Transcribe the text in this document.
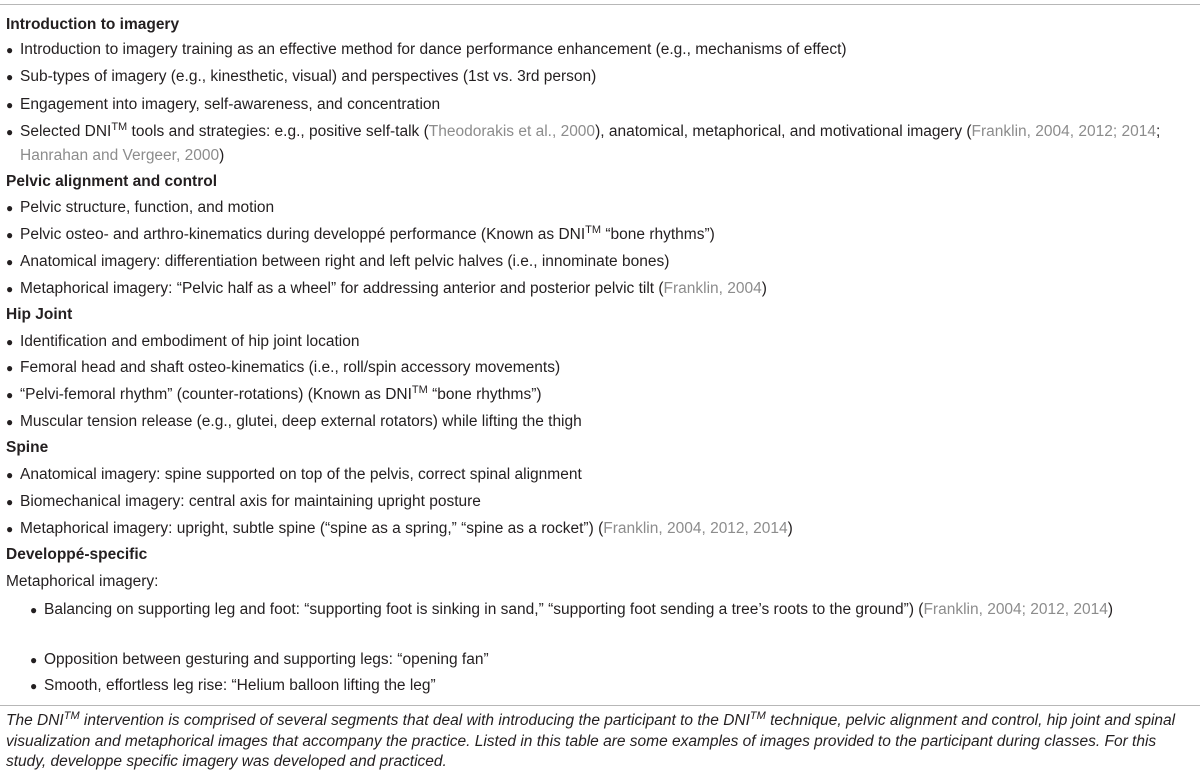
Introduction to imagery
● Introduction to imagery training as an effective method for dance performance enhancement (e.g., mechanisms of effect)
● Sub-types of imagery (e.g., kinesthetic, visual) and perspectives (1st vs. 3rd person)
● Engagement into imagery, self-awareness, and concentration
● Selected DNI™ tools and strategies: e.g., positive self-talk (Theodorakis et al., 2000), anatomical, metaphorical, and motivational imagery (Franklin, 2004, 2012; 2014; Hanrahan and Vergeer, 2000)
Pelvic alignment and control
● Pelvic structure, function, and motion
● Pelvic osteo- and arthro-kinematics during developpé performance (Known as DNI™ “bone rhythms”)
● Anatomical imagery: differentiation between right and left pelvic halves (i.e., innominate bones)
● Metaphorical imagery: “Pelvic half as a wheel” for addressing anterior and posterior pelvic tilt (Franklin, 2004)
Hip Joint
● Identification and embodiment of hip joint location
● Femoral head and shaft osteo-kinematics (i.e., roll/spin accessory movements)
● “Pelvi-femoral rhythm” (counter-rotations) (Known as DNI™ “bone rhythms”)
● Muscular tension release (e.g., glutei, deep external rotators) while lifting the thigh
Spine
● Anatomical imagery: spine supported on top of the pelvis, correct spinal alignment
● Biomechanical imagery: central axis for maintaining upright posture
● Metaphorical imagery: upright, subtle spine (“spine as a spring,” “spine as a rocket”) (Franklin, 2004, 2012, 2014)
Developpé-specific
Metaphorical imagery:
● Balancing on supporting leg and foot: “supporting foot is sinking in sand,” “supporting foot sending a tree’s roots to the ground”) (Franklin, 2004; 2012, 2014)
● Opposition between gesturing and supporting legs: “opening fan”
● Smooth, effortless leg rise: “Helium balloon lifting the leg”
The DNI™ intervention is comprised of several segments that deal with introducing the participant to the DNI™ technique, pelvic alignment and control, hip joint and spinal visualization and metaphorical images that accompany the practice. Listed in this table are some examples of images provided to the participant during classes. For this study, developpe specific imagery was developed and practiced.
